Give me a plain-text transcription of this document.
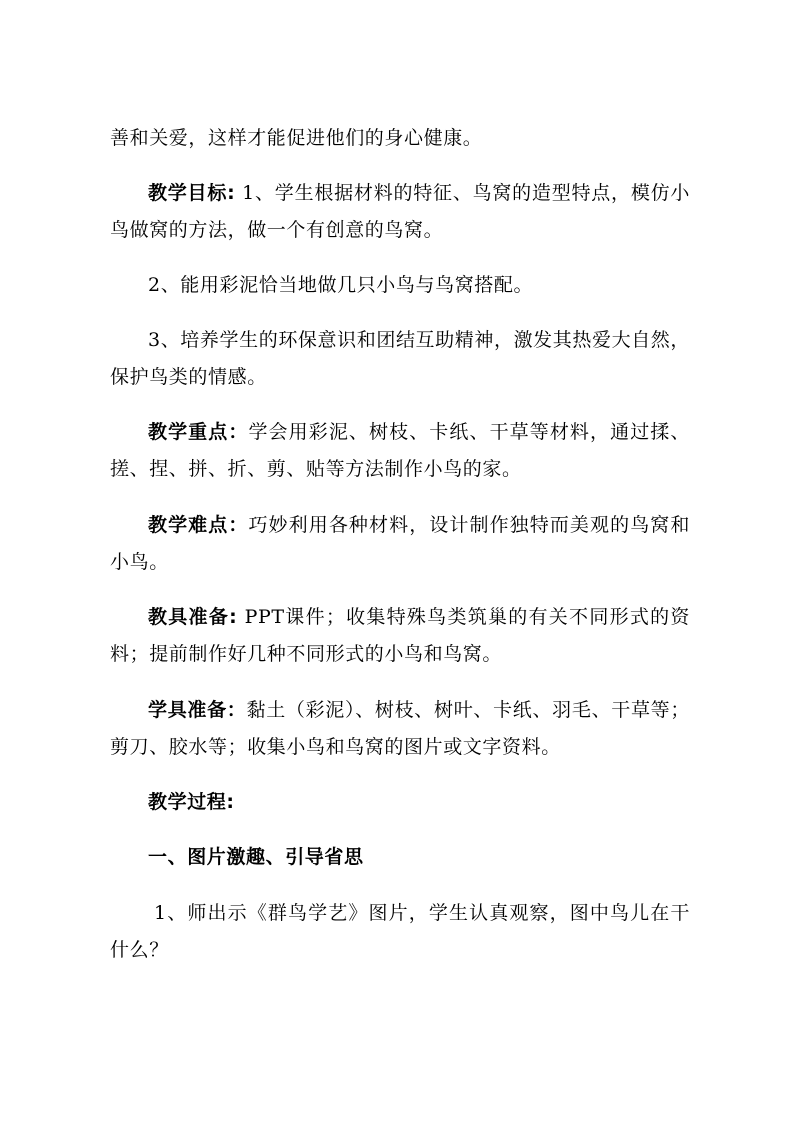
善和关爱，这样才能促进他们的身心健康。

教学目标: 1、学生根据材料的特征、鸟窝的造型特点，模仿小鸟做窝的方法，做一个有创意的鸟窝。

2、能用彩泥恰当地做几只小鸟与鸟窝搭配。

3、培养学生的环保意识和团结互助精神，激发其热爱大自然，保护鸟类的情感。

教学重点：学会用彩泥、树枝、卡纸、干草等材料，通过揉、搓、捏、拼、折、剪、贴等方法制作小鸟的家。

教学难点：巧妙利用各种材料，设计制作独特而美观的鸟窝和小鸟。

教具准备: PPT课件；收集特殊鸟类筑巢的有关不同形式的资料；提前制作好几种不同形式的小鸟和鸟窝。

学具准备：黏土（彩泥）、树枝、树叶、卡纸、羽毛、干草等；剪刀、胶水等；收集小鸟和鸟窝的图片或文字资料。

教学过程:

一、图片激趣、引导省思

1、师出示《群鸟学艺》图片，学生认真观察，图中鸟儿在干什么？
